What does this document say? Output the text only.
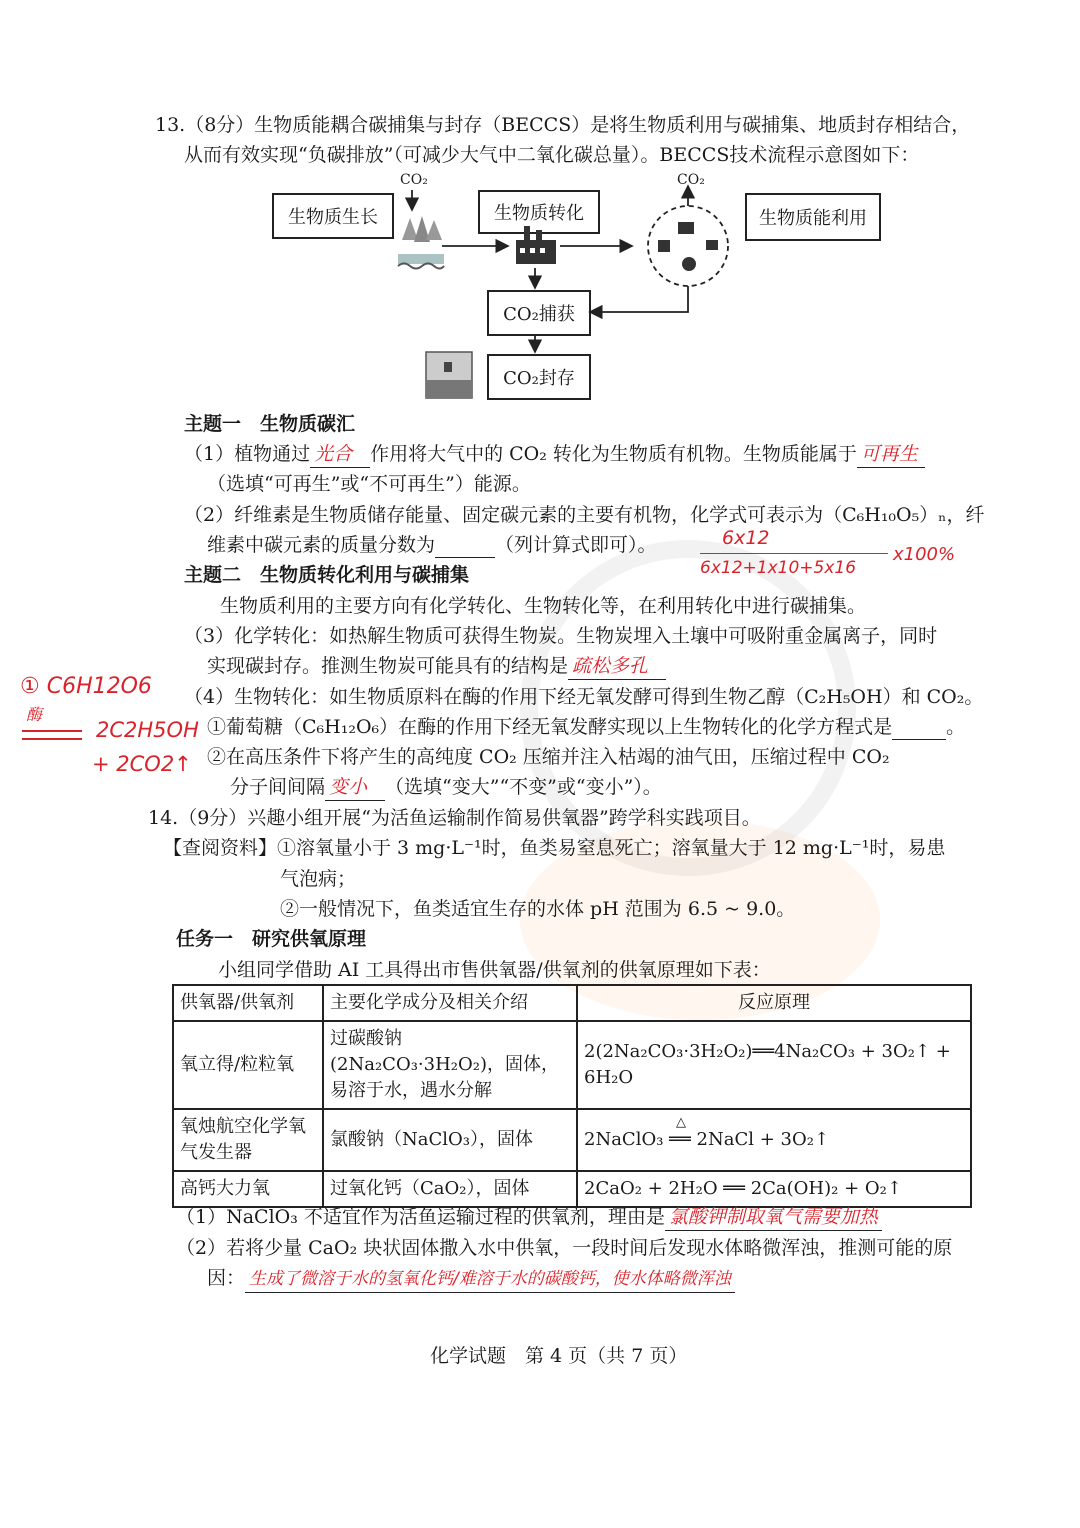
13.（8分）生物质能耦合碳捕集与封存（BECCS）是将生物质利用与碳捕集、地质封存相结合，
从而有效实现“负碳排放”（可减少大气中二氧化碳总量）。BECCS技术流程示意图如下：
CO₂	CO₂
生物质生长	生物质转化	生物质能利用
CO₂捕获
CO₂封存
主题一　生物质碳汇
（1）植物通过 光合 作用将大气中的 CO₂ 转化为生物质有机物。生物质能属于 可再生
（选填“可再生”或“不可再生”）能源。
（2）纤维素是生物质储存能量、固定碳元素的主要有机物，化学式可表示为（C₆H₁₀O₅）ₙ，纤
维素中碳元素的质量分数为	（列计算式即可）。	6x12
6x12+1x10+5x16
x100%
主题二　生物质转化利用与碳捕集
生物质利用的主要方向有化学转化、生物转化等，在利用转化中进行碳捕集。
（3）化学转化：如热解生物质可获得生物炭。生物炭埋入土壤中可吸附重金属离子，同时
实现碳封存。推测生物炭可能具有的结构是 疏松多孔
（4）生物转化：如生物质原料在酶的作用下经无氧发酵可得到生物乙醇（C₂H₅OH）和 CO₂。
①葡萄糖（C₆H₁₂O₆）在酶的作用下经无氧发酵实现以上生物转化的化学方程式是	。
②在高压条件下将产生的高纯度 CO₂ 压缩并注入枯竭的油气田，压缩过程中 CO₂
分子间间隔 变小 （选填“变大”“不变”或“变小”）。
① C6H12O6
酶
2C2H5OH
+ 2CO2↑
14.（9分）兴趣小组开展“为活鱼运输制作简易供氧器”跨学科实践项目。
【查阅资料】①溶氧量小于 3 mg·L⁻¹时，鱼类易窒息死亡；溶氧量大于 12 mg·L⁻¹时，易患
气泡病；
②一般情况下，鱼类适宜生存的水体 pH 范围为 6.5 ~ 9.0。
任务一　研究供氧原理
小组同学借助 AI 工具得出市售供氧器/供氧剂的供氧原理如下表：
供氧器/供氧剂	主要化学成分及相关介绍	反应原理
氧立得/粒粒氧	过碳酸钠(2Na₂CO₃·3H₂O₂)，固体，易溶于水，遇水分解	2(2Na₂CO₃·3H₂O₂)══4Na₂CO₃ + 3O₂↑ + 6H₂O
氧烛航空化学氧气发生器	氯酸钠（NaClO₃），固体	△
2NaClO₃ ══ 2NaCl + 3O₂↑
高钙大力氧	过氧化钙（CaO₂），固体	2CaO₂ + 2H₂O ══ 2Ca(OH)₂ + O₂↑
（1）NaClO₃ 不适宜作为活鱼运输过程的供氧剂，理由是 氯酸钾制取氧气需要加热
（2）若将少量 CaO₂ 块状固体撒入水中供氧，一段时间后发现水体略微浑浊，推测可能的原
因： 生成了微溶于水的氢氧化钙/难溶于水的碳酸钙，使水体略微浑浊
化学试题　第 4 页（共 7 页）
